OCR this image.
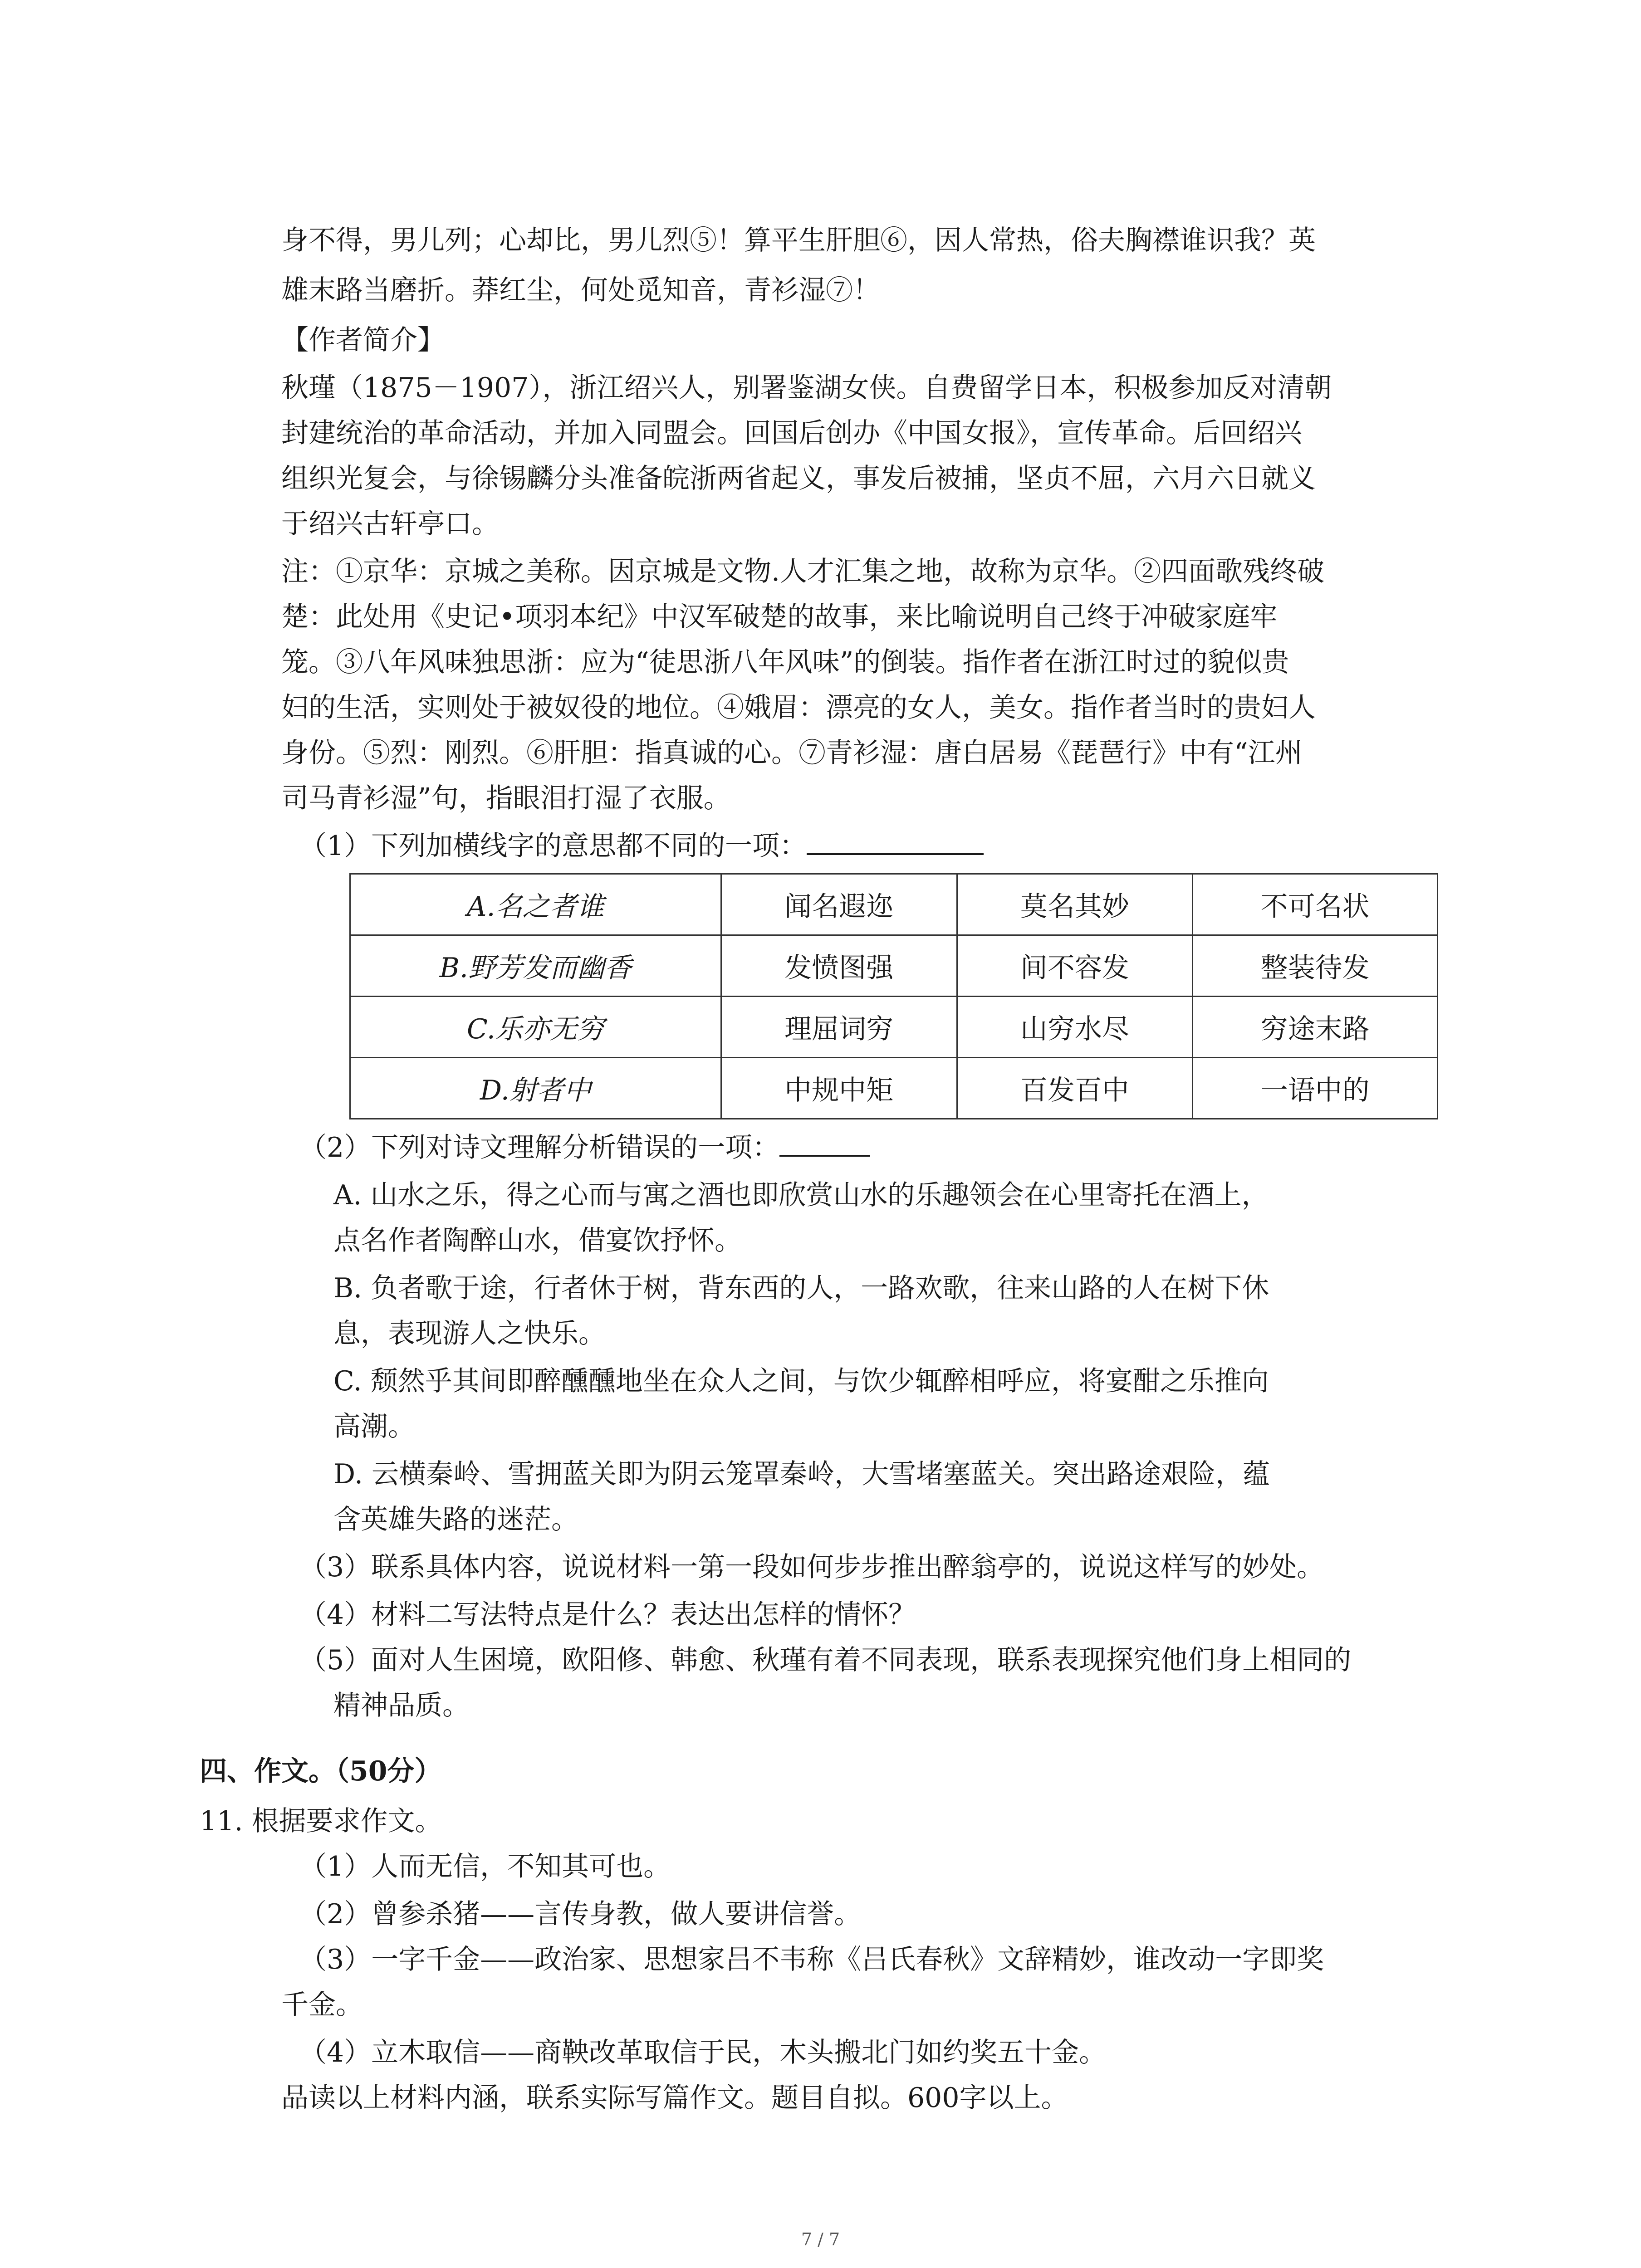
身不得，男儿列；心却比，男儿烈⑤！算平生肝胆⑥，因人常热，俗夫胸襟谁识我？英
雄末路当磨折。莽红尘，何处觅知音，青衫湿⑦！
【作者简介】
秋瑾（1875－1907），浙江绍兴人，别署鉴湖女侠。自费留学日本，积极参加反对清朝
封建统治的革命活动，并加入同盟会。回国后创办《中国女报》，宣传革命。后回绍兴
组织光复会，与徐锡麟分头准备皖浙两省起义，事发后被捕，坚贞不屈，六月六日就义
于绍兴古轩亭口。
注：①京华：京城之美称。因京城是文物.人才汇集之地，故称为京华。②四面歌残终破
楚：此处用《史记•项羽本纪》中汉军破楚的故事，来比喻说明自己终于冲破家庭牢
笼。③八年风味独思浙：应为“徒思浙八年风味”的倒装。指作者在浙江时过的貌似贵
妇的生活，实则处于被奴役的地位。④娥眉：漂亮的女人，美女。指作者当时的贵妇人
身份。⑤烈：刚烈。⑥肝胆：指真诚的心。⑦青衫湿：唐白居易《琵琶行》中有“江州
司马青衫湿”句，指眼泪打湿了衣服。
（1）下列加横线字的意思都不同的一项：
A.名之者谁	闻名遐迩	莫名其妙	不可名状
B.野芳发而幽香	发愤图强	间不容发	整装待发
C.乐亦无穷	理屈词穷	山穷水尽	穷途末路
D.射者中	中规中矩	百发百中	一语中的
（2）下列对诗文理解分析错误的一项：
A. 山水之乐，得之心而与寓之酒也即欣赏山水的乐趣领会在心里寄托在酒上，
点名作者陶醉山水，借宴饮抒怀。
B. 负者歌于途，行者休于树，背东西的人，一路欢歌，往来山路的人在树下休
息，表现游人之快乐。
C. 颓然乎其间即醉醺醺地坐在众人之间，与饮少辄醉相呼应，将宴酣之乐推向
高潮。
D. 云横秦岭、雪拥蓝关即为阴云笼罩秦岭，大雪堵塞蓝关。突出路途艰险，蕴
含英雄失路的迷茫。
（3）联系具体内容，说说材料一第一段如何步步推出醉翁亭的，说说这样写的妙处。
（4）材料二写法特点是什么？表达出怎样的情怀？
（5）面对人生困境，欧阳修、韩愈、秋瑾有着不同表现，联系表现探究他们身上相同的
精神品质。
四、作文。（50分）
11. 根据要求作文。
（1）人而无信，不知其可也。
（2）曾参杀猪——言传身教，做人要讲信誉。
（3）一字千金——政治家、思想家吕不韦称《吕氏春秋》文辞精妙，谁改动一字即奖
千金。
（4）立木取信——商鞅改革取信于民，木头搬北门如约奖五十金。
品读以上材料内涵，联系实际写篇作文。题目自拟。600字以上。
7 / 7
